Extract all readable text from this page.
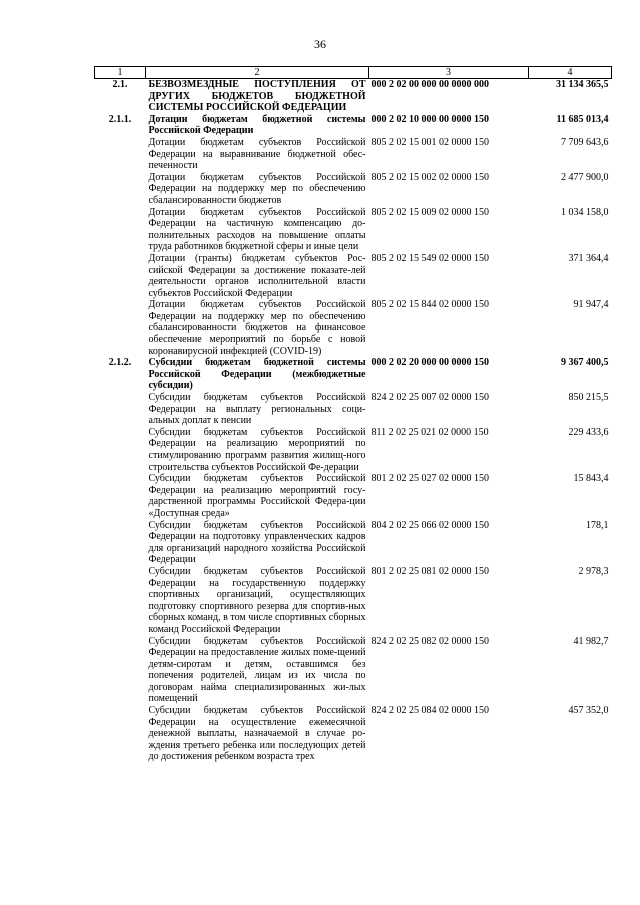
36
1	2	3	4
2.1.	БЕЗВОЗМЕЗДНЫЕ ПОСТУПЛЕНИЯ ОТ ДРУГИХ БЮДЖЕТОВ БЮДЖЕТНОЙ СИСТЕМЫ РОССИЙСКОЙ ФЕДЕРАЦИИ	000 2 02 00 000 00 0000 000	31 134 365,5
2.1.1.	Дотации бюджетам бюджетной системы Российской Федерации	000 2 02 10 000 00 0000 150	11 685 013,4
	Дотации бюджетам субъектов Российской Федерации на выравнивание бюджетной обес-печенности	805 2 02 15 001 02 0000 150	7 709 643,6
	Дотации бюджетам субъектов Российской Федерации на поддержку мер по обеспечению сбалансированности бюджетов	805 2 02 15 002 02 0000 150	2 477 900,0
	Дотации бюджетам субъектов Российской Федерации на частичную компенсацию до-полнительных расходов на повышение оплаты труда работников бюджетной сферы и иные цели	805 2 02 15 009 02 0000 150	1 034 158,0
	Дотации (гранты) бюджетам субъектов Рос-сийской Федерации за достижение показате-лей деятельности органов исполнительной власти субъектов Российской Федерации	805 2 02 15 549 02 0000 150	371 364,4
	Дотации бюджетам субъектов Российской Федерации на поддержку мер по обеспечению сбалансированности бюджетов на финансовое обеспечение мероприятий по борьбе с новой коронавирусной инфекцией (COVID-19)	805 2 02 15 844 02 0000 150	91 947,4
2.1.2.	Субсидии бюджетам бюджетной системы Российской Федерации (межбюджетные субсидии)	000 2 02 20 000 00 0000 150	9 367 400,5
	Субсидии бюджетам субъектов Российской Федерации на выплату региональных соци-альных доплат к пенсии	824 2 02 25 007 02 0000 150	850 215,5
	Субсидии бюджетам субъектов Российской Федерации на реализацию мероприятий по стимулированию программ развития жилищ-ного строительства субъектов Российской Фе-дерации	811 2 02 25 021 02 0000 150	229 433,6
	Субсидии бюджетам субъектов Российской Федерации на реализацию мероприятий госу-дарственной программы Российской Федера-ции «Доступная среда»	801 2 02 25 027 02 0000 150	15 843,4
	Субсидии бюджетам субъектов Российской Федерации на подготовку управленческих кадров для организаций народного хозяйства Российской Федерации	804 2 02 25 066 02 0000 150	178,1
	Субсидии бюджетам субъектов Российской Федерации на государственную поддержку спортивных организаций, осуществляющих подготовку спортивного резерва для спортив-ных сборных команд, в том числе спортивных сборных команд Российской Федерации	801 2 02 25 081 02 0000 150	2 978,3
	Субсидии бюджетам субъектов Российской Федерации на предоставление жилых поме-щений детям-сиротам и детям, оставшимся без попечения родителей, лицам из их числа по договорам найма специализированных жи-лых помещений	824 2 02 25 082 02 0000 150	41 982,7
	Субсидии бюджетам субъектов Российской Федерации на осуществление ежемесячной денежной выплаты, назначаемой в случае ро-ждения третьего ребенка или последующих детей до достижения ребенком возраста трех	824 2 02 25 084 02 0000 150	457 352,0
